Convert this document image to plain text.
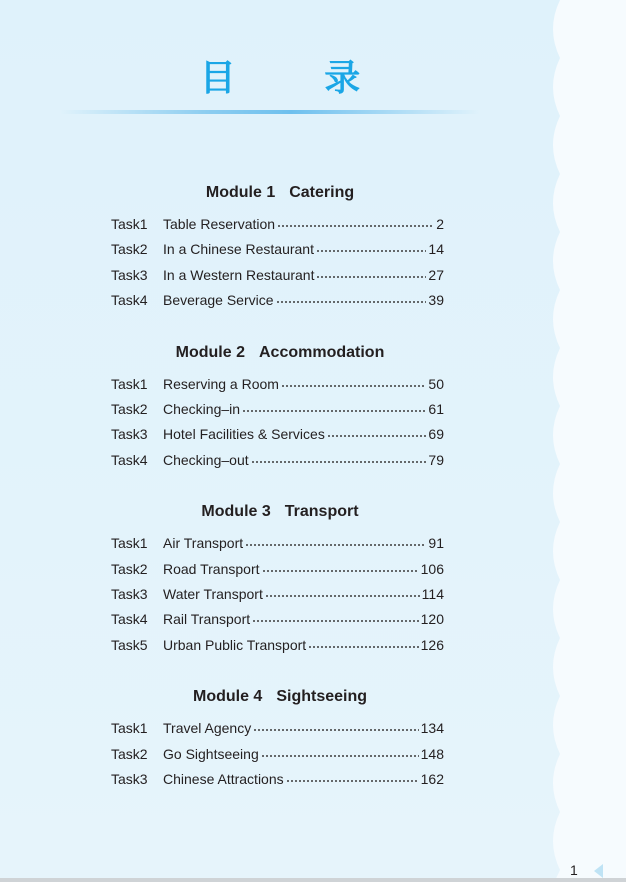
目 录
Module 1 Catering
Task1	Table Reservation	2
Task2	In a Chinese Restaurant	14
Task3	In a Western Restaurant	27
Task4	Beverage Service	39
Module 2 Accommodation
Task1	Reserving a Room	50
Task2	Checking–in	61
Task3	Hotel Facilities & Services	69
Task4	Checking–out	79
Module 3 Transport
Task1	Air Transport	91
Task2	Road Transport	106
Task3	Water Transport	114
Task4	Rail Transport	120
Task5	Urban Public Transport	126
Module 4 Sightseeing
Task1	Travel Agency	134
Task2	Go Sightseeing	148
Task3	Chinese Attractions	162
1
